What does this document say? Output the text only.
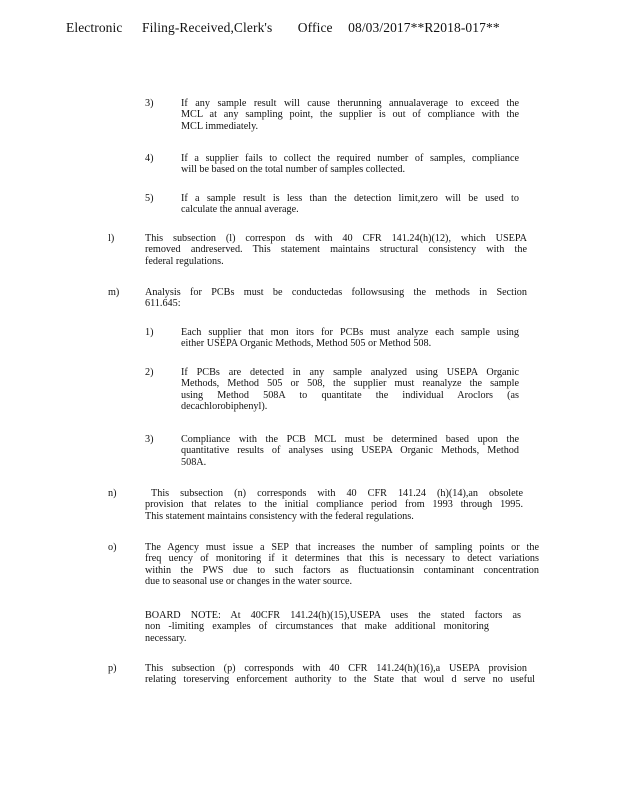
Electronic Filing-Received,Clerk's Office 08/03/2017**R2018-017**
3)	If any sample result will cause therunning annualaverage to exceed the
MCL at any sampling point, the supplier is out of compliance with the
MCL immediately.
4)	If a supplier fails to collect the required number of samples, compliance
will be based on the total number of samples collected.
5)	If a sample result is less than the detection limit,zero will be used to
calculate the annual average.
l)	This subsection (l) correspon ds with 40 CFR 141.24(h)(12), which USEPA
removed andreserved. This statement maintains structural consistency with the
federal regulations.
m)	Analysis for PCBs must be conductedas followsusing the methods in Section
611.645:
1)	Each supplier that mon itors for PCBs must analyze each sample using
either USEPA Organic Methods, Method 505 or Method 508.
2)	If PCBs are detected in any sample analyzed using USEPA Organic
Methods, Method 505 or 508, the supplier must reanalyze the sample
using Method 508A to quantitate the individual Aroclors (as
decachlorobiphenyl).
3)	Compliance with the PCB MCL must be determined based upon the
quantitative results of analyses using USEPA Organic Methods, Method
508A.
n)	This subsection (n) corresponds with 40 CFR 141.24 (h)(14),an obsolete
provision that relates to the initial compliance period from 1993 through 1995.
This statement maintains consistency with the federal regulations.
o)	The Agency must issue a SEP that increases the number of sampling points or the
freq uency of monitoring if it determines that this is necessary to detect variations
within the PWS due to such factors as fluctuationsin contaminant concentration
due to seasonal use or changes in the water source.
BOARD NOTE: At 40CFR 141.24(h)(15),USEPA uses the stated factors as
non -limiting examples of circumstances that make additional monitoring
necessary.
p)	This subsection (p) corresponds with 40 CFR 141.24(h)(16),a USEPA provision
relating toreserving enforcement authority to the State that woul d serve no useful
